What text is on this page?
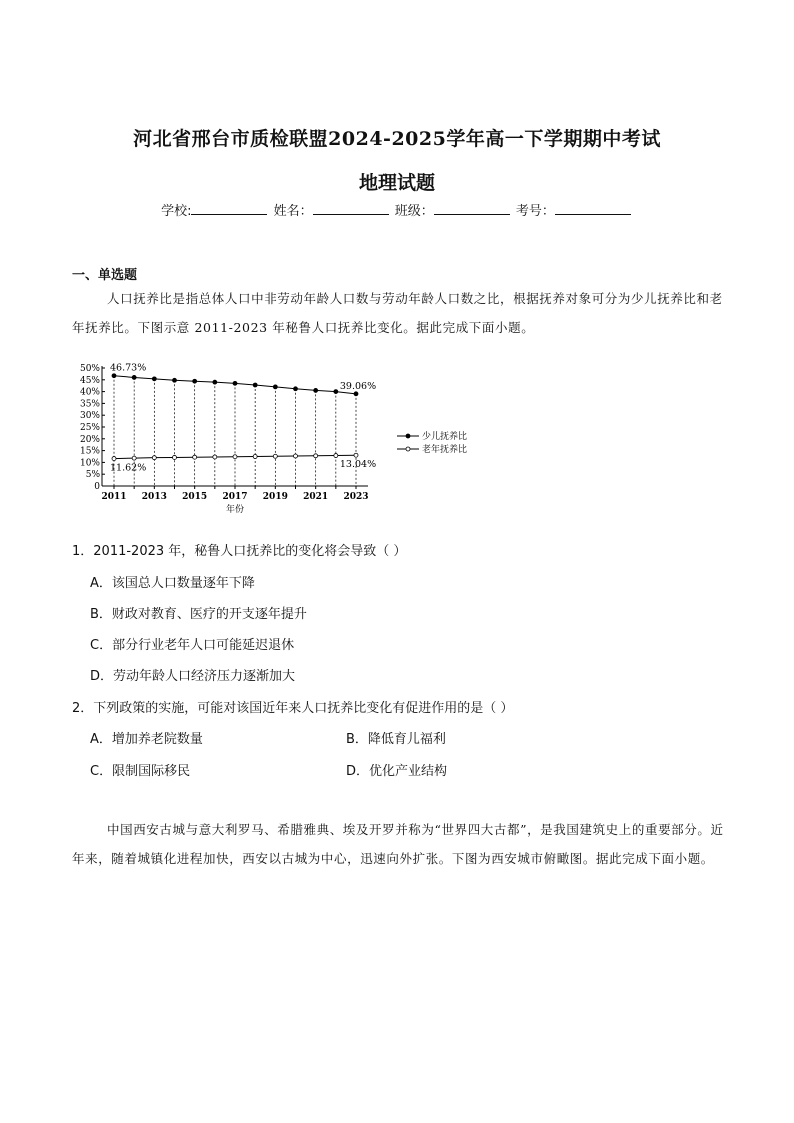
河北省邢台市质检联盟2024-2025学年高一下学期期中考试
地理试题
学校:	姓名：	班级：	考号：
一、单选题
人口抚养比是指总体人口中非劳动年龄人口数与劳动年龄人口数之比，根据抚养对象可分为少儿抚养比和老年抚养比。下图示意 2011-2023 年秘鲁人口抚养比变化。据此完成下面小题。
0
5%
10%
15%
20%
25%
30%
35%
40%
45%
50%
2011 2013 2015 2017 2019 2021 2023
年份
46.73%
39.06%
11.62%	13.04%
少儿抚养比
老年抚养比
1．2011-2023 年，秘鲁人口抚养比的变化将会导致（ ）
A．该国总人口数量逐年下降
B．财政对教育、医疗的开支逐年提升
C．部分行业老年人口可能延迟退休
D．劳动年龄人口经济压力逐渐加大
2．下列政策的实施，可能对该国近年来人口抚养比变化有促进作用的是（ ）
A．增加养老院数量	B．降低育儿福利
C．限制国际移民	D．优化产业结构
中国西安古城与意大利罗马、希腊雅典、埃及开罗并称为“世界四大古都”，是我国建筑史上的重要部分。近年来，随着城镇化进程加快，西安以古城为中心，迅速向外扩张。下图为西安城市俯瞰图。据此完成下面小题。
